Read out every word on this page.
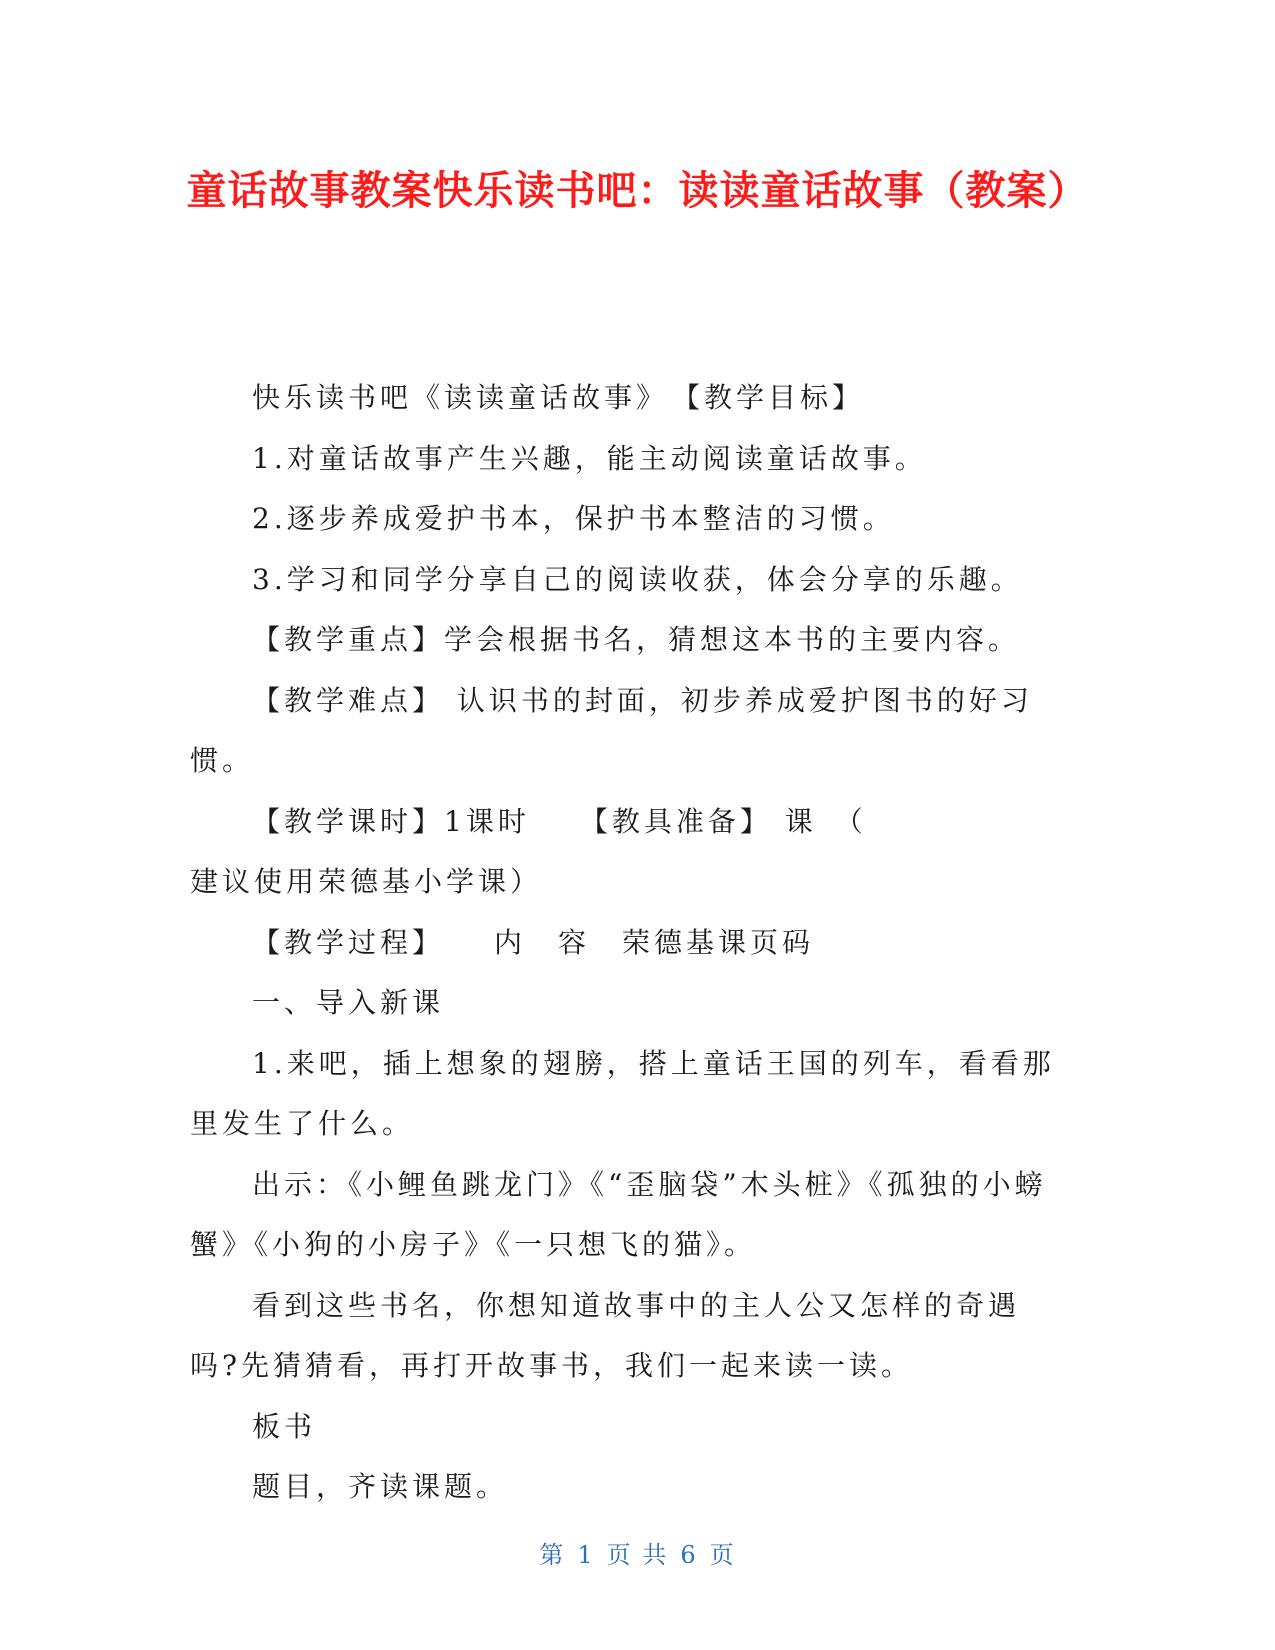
童话故事教案快乐读书吧：读读童话故事（教案）

快乐读书吧《读读童话故事》　【教学目标】

1.对童话故事产生兴趣，能主动阅读童话故事。

2.逐步养成爱护书本，保护书本整洁的习惯。

3.学习和同学分享自己的阅读收获，体会分享的乐趣。

【教学重点】学会根据书名，猜想这本书的主要内容。

【教学难点】 认识书的封面，初步养成爱护图书的好习惯。

【教学课时】1课时　　【教具准备】 课　（

建议使用荣德基小学课）

【教学过程】　　内　容　荣德基课页码

一、导入新课

1.来吧，插上想象的翅膀，搭上童话王国的列车，看看那里发生了什么。

出示：《小鲤鱼跳龙门》《“歪脑袋”木头桩》《孤独的小螃蟹》《小狗的小房子》《一只想飞的猫》。

看到这些书名，你想知道故事中的主人公又怎样的奇遇吗?先猜猜看，再打开故事书，我们一起来读一读。

板书

题目，齐读课题。

第 1 页 共 6 页
